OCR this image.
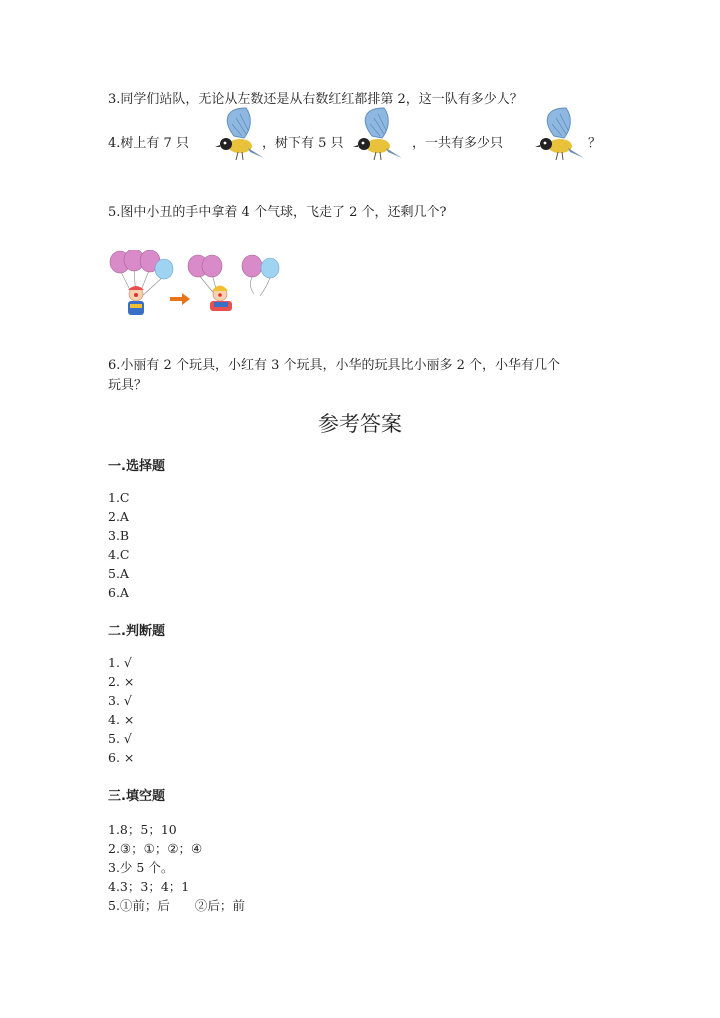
3.同学们站队，无论从左数还是从右数红红都排第 2，这一队有多少人？
4.树上有 7 只	，树下有 5 只	，一共有多少只	？
5.图中小丑的手中拿着 4 个气球，飞走了 2 个，还剩几个?
6.小丽有 2 个玩具，小红有 3 个玩具，小华的玩具比小丽多 2 个，小华有几个
玩具？
参考答案
一.选择题
1.C
2.A
3.B
4.C
5.A
6.A
二.判断题
1. √
2. ×
3. √
4. ×
5. √
6. ×
三.填空题
1.8；5；10
2.③；①；②；④
3.少 5 个。
4.3；3；4；1
5.①前；后　　②后；前
